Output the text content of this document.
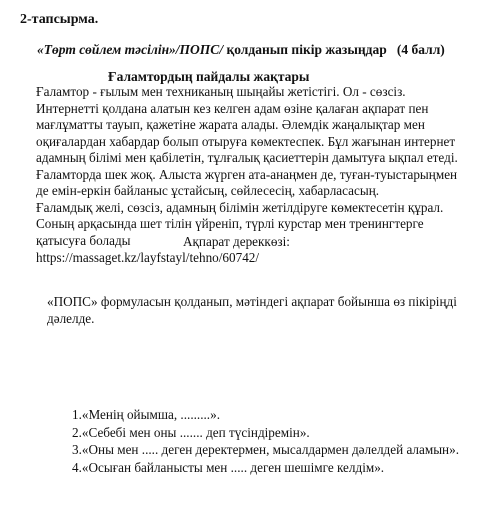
2-тапсырма.
«Төрт сөйлем тәсілін»/ПОПС/ қолданып пікір жазыңдар (4 балл)
Ғаламтордың пайдалы жақтары
Ғаламтор - ғылым мен техниканың шыңайы жетістігі. Ол - сөзсіз.
Интернетті қолдана алатын кез келген адам өзіне қалаған ақпарат пен
мағлұматты тауып, қажетіне жарата алады. Әлемдік жаңалықтар мен
оқиғалардан хабардар болып отыруға көмектеспек. Бұл жағынан интернет
адамның білімі мен қабілетін, тұлғалық қасиеттерін дамытуға ықпал етеді.
Ғаламторда шек жоқ. Алыста жүрген ата-анаңмен де, туған-туыстарыңмен
де емін-еркін байланыс ұстайсың, сөйлесесің, хабарласасың.
Ғаламдық желі, сөзсіз, адамның білімін жетілдіруге көмектесетін құрал.
Соның арқасында шет тілін үйреніп, түрлі курстар мен тренингтерге
қатысуға болады	Ақпарат дереккөзі:
https://massaget.kz/layfstayl/tehno/60742/
«ПОПС» формуласын қолданып, мәтіндегі ақпарат бойынша өз пікіріңді
дәлелде.
1.«Менің ойымша, .........».
2.«Себебі мен оны ....... деп түсіндіремін».
3.«Оны мен ..... деген деректермен, мысалдармен дәлелдей аламын».
4.«Осыған байланысты мен ..... деген шешімге келдім».
